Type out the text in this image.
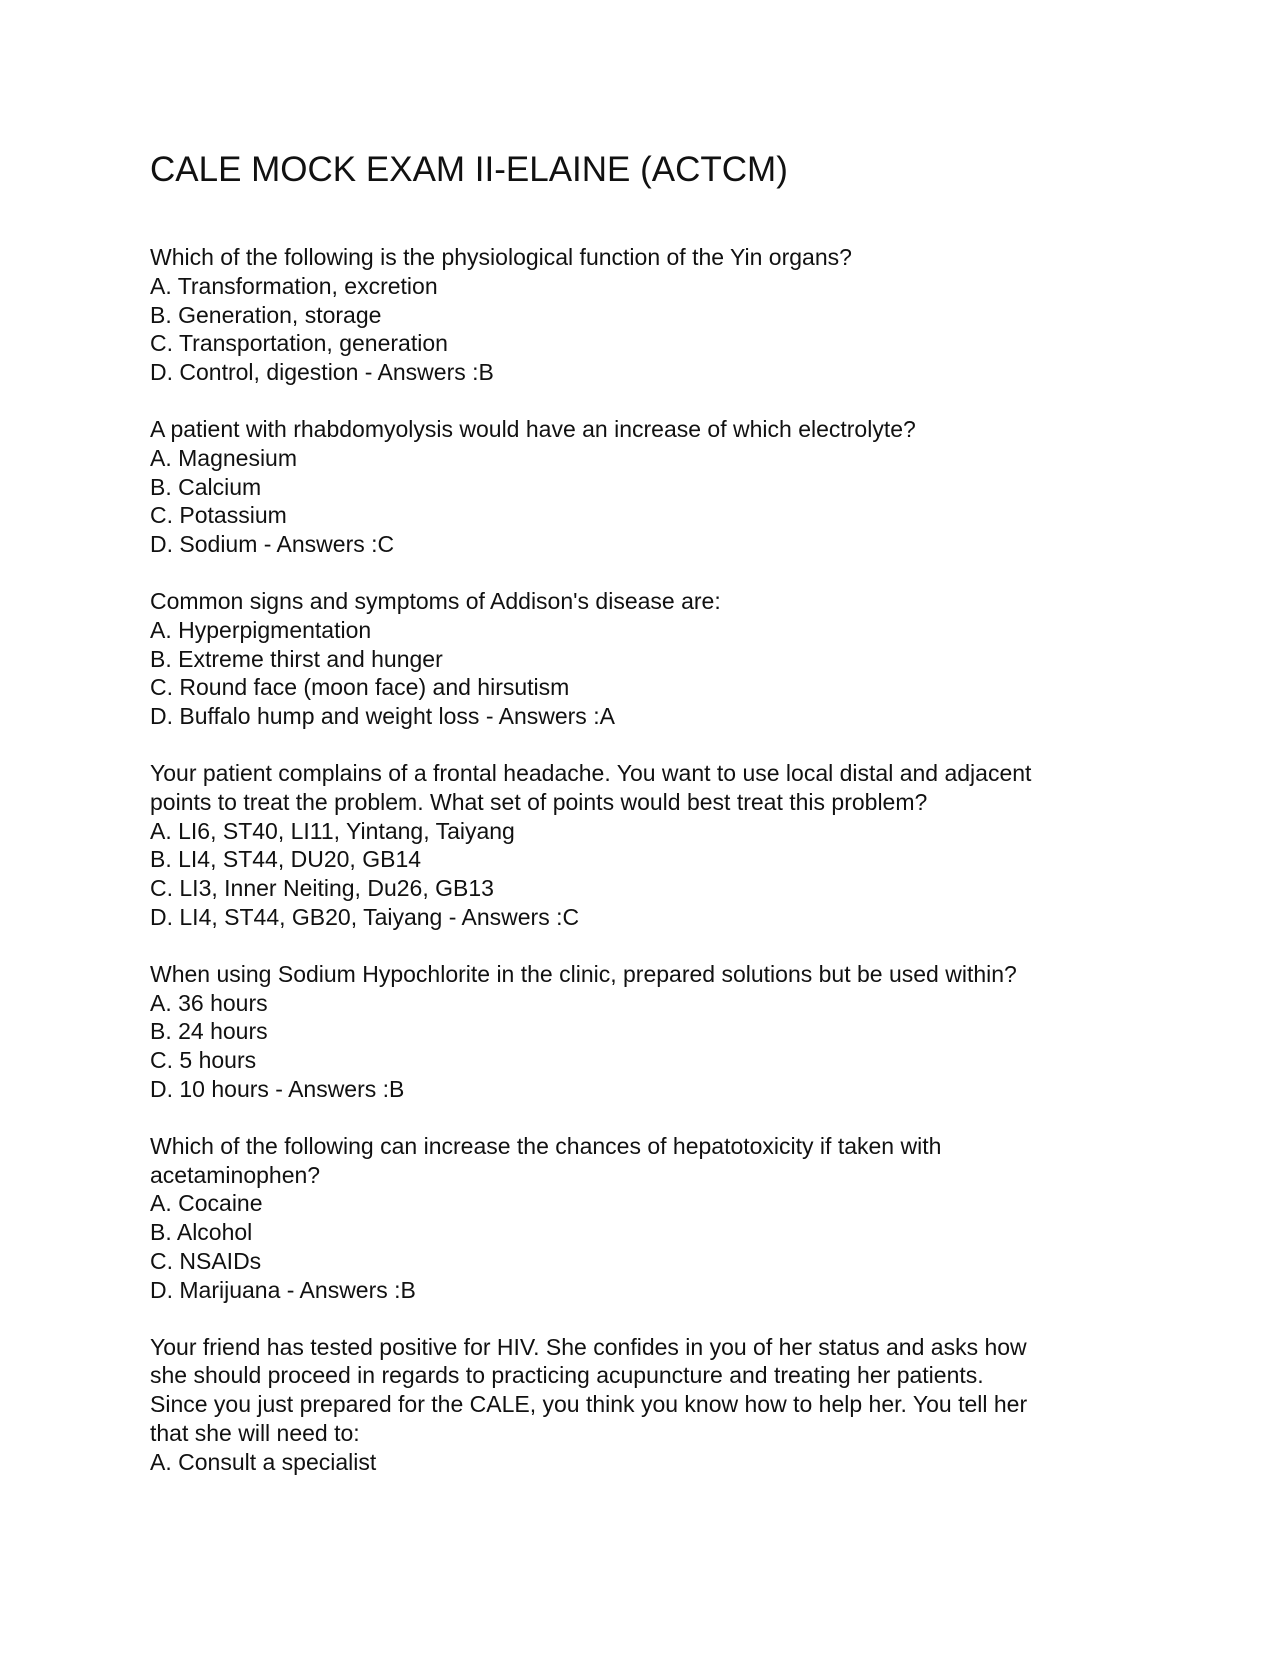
CALE MOCK EXAM II-ELAINE (ACTCM)
Which of the following is the physiological function of the Yin organs?
A. Transformation, excretion
B. Generation, storage
C. Transportation, generation
D. Control, digestion - Answers :B
A patient with rhabdomyolysis would have an increase of which electrolyte?
A. Magnesium
B. Calcium
C. Potassium
D. Sodium - Answers :C
Common signs and symptoms of Addison's disease are:
A. Hyperpigmentation
B. Extreme thirst and hunger
C. Round face (moon face) and hirsutism
D. Buffalo hump and weight loss - Answers :A
Your patient complains of a frontal headache. You want to use local distal and adjacent
points to treat the problem. What set of points would best treat this problem?
A. LI6, ST40, LI11, Yintang, Taiyang
B. LI4, ST44, DU20, GB14
C. LI3, Inner Neiting, Du26, GB13
D. LI4, ST44, GB20, Taiyang - Answers :C
When using Sodium Hypochlorite in the clinic, prepared solutions but be used within?
A. 36 hours
B. 24 hours
C. 5 hours
D. 10 hours - Answers :B
Which of the following can increase the chances of hepatotoxicity if taken with
acetaminophen?
A. Cocaine
B. Alcohol
C. NSAIDs
D. Marijuana - Answers :B
Your friend has tested positive for HIV. She confides in you of her status and asks how
she should proceed in regards to practicing acupuncture and treating her patients.
Since you just prepared for the CALE, you think you know how to help her. You tell her
that she will need to:
A. Consult a specialist
